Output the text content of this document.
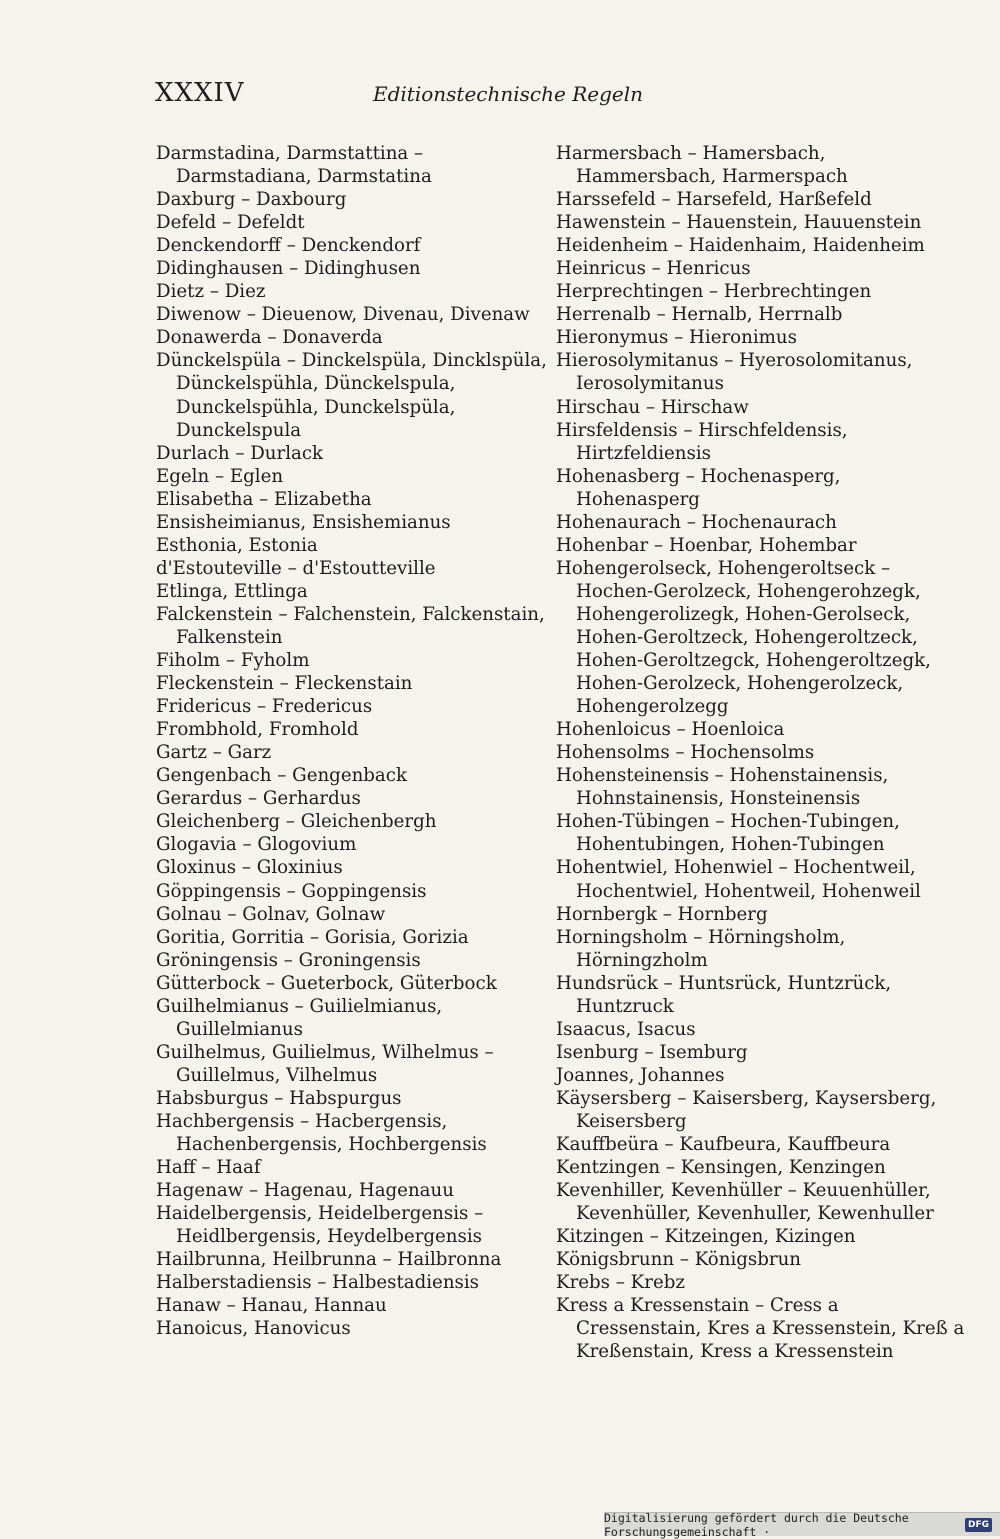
XXXIV	Editionstechnische Regeln
Darmstadina, Darmstattina –
Darmstadiana, Darmstatina
Daxburg – Daxbourg
Defeld – Defeldt
Denckendorff – Denckendorf
Didinghausen – Didinghusen
Dietz – Diez
Diwenow – Dieuenow, Divenau, Divenaw
Donawerda – Donaverda
Dünckelspüla – Dinckelspüla, Dincklspüla,
Dünckelspühla, Dünckelspula,
Dunckelspühla, Dunckelspüla,
Dunckelspula
Durlach – Durlack
Egeln – Eglen
Elisabetha – Elizabetha
Ensisheimianus, Ensishemianus
Esthonia, Estonia
d'Estouteville – d'Estoutteville
Etlinga, Ettlinga
Falckenstein – Falchenstein, Falckenstain,
Falkenstein
Fiholm – Fyholm
Fleckenstein – Fleckenstain
Fridericus – Fredericus
Frombhold, Fromhold
Gartz – Garz
Gengenbach – Gengenback
Gerardus – Gerhardus
Gleichenberg – Gleichenbergh
Glogavia – Glogovium
Gloxinus – Gloxinius
Göppingensis – Goppingensis
Golnau – Golnav, Golnaw
Goritia, Gorritia – Gorisia, Gorizia
Gröningensis – Groningensis
Gütterbock – Gueterbock, Güterbock
Guilhelmianus – Guilielmianus,
Guillelmianus
Guilhelmus, Guilielmus, Wilhelmus –
Guillelmus, Vilhelmus
Habsburgus – Habspurgus
Hachbergensis – Hacbergensis,
Hachenbergensis, Hochbergensis
Haff – Haaf
Hagenaw – Hagenau, Hagenauu
Haidelbergensis, Heidelbergensis –
Heidlbergensis, Heydelbergensis
Hailbrunna, Heilbrunna – Hailbronna
Halberstadiensis – Halbestadiensis
Hanaw – Hanau, Hannau
Hanoicus, Hanovicus
Harmersbach – Hamersbach,
Hammersbach, Harmerspach
Harssefeld – Harsefeld, Harßefeld
Hawenstein – Hauenstein, Hauuenstein
Heidenheim – Haidenhaim, Haidenheim
Heinricus – Henricus
Herprechtingen – Herbrechtingen
Herrenalb – Hernalb, Herrnalb
Hieronymus – Hieronimus
Hierosolymitanus – Hyerosolomitanus,
Ierosolymitanus
Hirschau – Hirschaw
Hirsfeldensis – Hirschfeldensis,
Hirtzfeldiensis
Hohenasberg – Hochenasperg,
Hohenasperg
Hohenaurach – Hochenaurach
Hohenbar – Hoenbar, Hohembar
Hohengerolseck, Hohengeroltseck –
Hochen-Gerolzeck, Hohengerohzegk,
Hohengerolizegk, Hohen-Gerolseck,
Hohen-Geroltzeck, Hohengeroltzeck,
Hohen-Geroltzegck, Hohengeroltzegk,
Hohen-Gerolzeck, Hohengerolzeck,
Hohengerolzegg
Hohenloicus – Hoenloica
Hohensolms – Hochensolms
Hohensteinensis – Hohenstainensis,
Hohnstainensis, Honsteinensis
Hohen-Tübingen – Hochen-Tubingen,
Hohentubingen, Hohen-Tubingen
Hohentwiel, Hohenwiel – Hochentweil,
Hochentwiel, Hohentweil, Hohenweil
Hornbergk – Hornberg
Horningsholm – Hörningsholm,
Hörningzholm
Hundsrück – Huntsrück, Huntzrück,
Huntzruck
Isaacus, Isacus
Isenburg – Isemburg
Joannes, Johannes
Käysersberg – Kaisersberg, Kaysersberg,
Keisersberg
Kauffbeüra – Kaufbeura, Kauffbeura
Kentzingen – Kensingen, Kenzingen
Kevenhiller, Kevenhüller – Keuuenhüller,
Kevenhüller, Kevenhuller, Kewenhuller
Kitzingen – Kitzeingen, Kizingen
Königsbrunn – Königsbrun
Krebs – Krebz
Kress a Kressenstain – Cress a
Cressenstain, Kres a Kressenstein, Kreß a
Kreßenstain, Kress a Kressenstein
Digitalisierung gefördert durch die Deutsche Forschungsgemeinschaft ·	DFG
